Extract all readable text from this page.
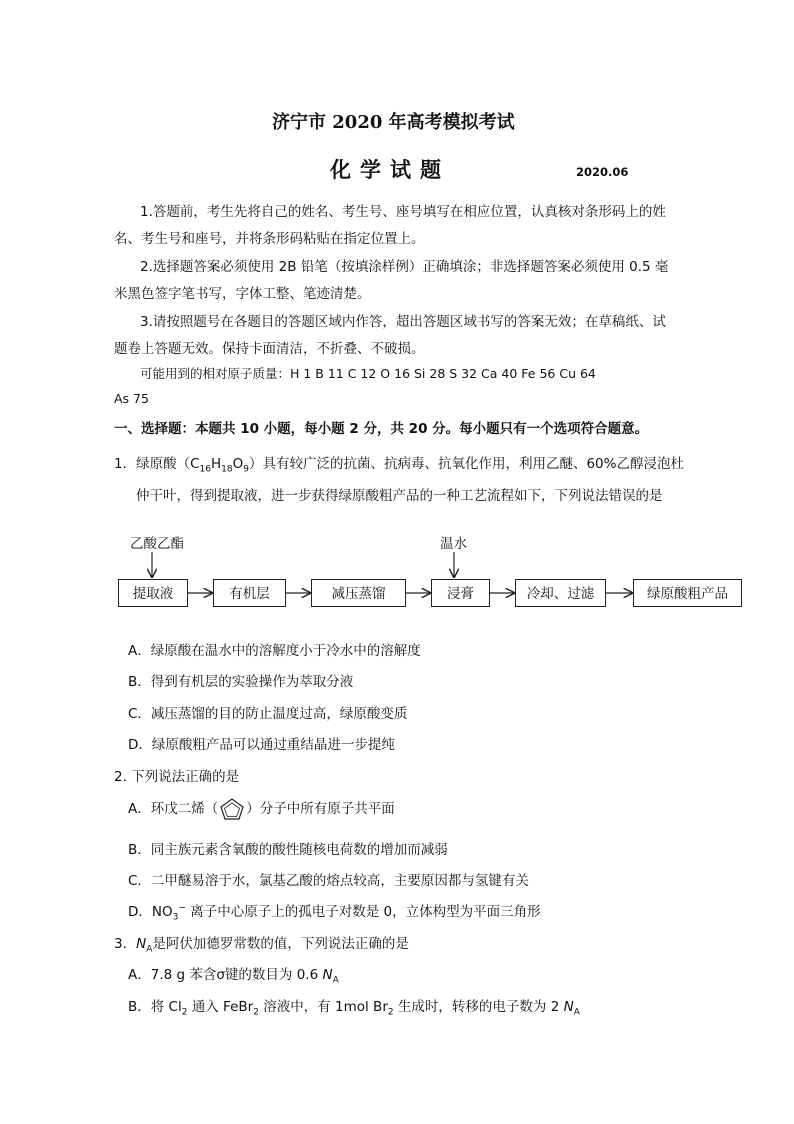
济宁市 2020 年高考模拟考试
化学试题	2020.06
1.答题前，考生先将自己的姓名、考生号、座号填写在相应位置，认真核对条形码上的姓
名、考生号和座号，并将条形码粘贴在指定位置上。
2.选择题答案必须使用 2B 铅笔（按填涂样例）正确填涂；非选择题答案必须使用 0.5 毫
米黑色签字笔书写，字体工整、笔迹清楚。
3.请按照题号在各题目的答题区域内作答，超出答题区域书写的答案无效；在草稿纸、试
题卷上答题无效。保持卡面清洁，不折叠、不破损。
可能用到的相对原子质量：H 1 B 11 C 12 O 16 Si 28 S 32 Ca 40 Fe 56 Cu 64
As 75
一、选择题：本题共 10 小题，每小题 2 分，共 20 分。每小题只有一个选项符合题意。
1．绿原酸$(C_{16}H_{18}O_9)$具有较广泛的抗菌、抗病毒、抗氧化作用，利用乙醚、60%乙醇浸泡杜
仲干叶，得到提取液，进一步获得绿原酸粗产品的一种工艺流程如下，下列说法错误的是
乙酸乙酯	温水
提取液	有机层	减压蒸馏	浸膏	冷却、过滤	绿原酸粗产品
A．绿原酸在温水中的溶解度小于冷水中的溶解度
B．得到有机层的实验操作为萃取分液
C．减压蒸馏的目的防止温度过高，绿原酸变质
D．绿原酸粗产品可以通过重结晶进一步提纯
2. 下列说法正确的是
A．环戊二烯（ ）分子中所有原子共平面
B．同主族元素含氧酸的酸性随核电荷数的增加而减弱
C．二甲醚易溶于水，氯基乙酸的熔点较高，主要原因都与氢键有关
D．$NO_3^-$ 离子中心原子上的孤电子对数是 0，立体构型为平面三角形
3．$N_A$是阿伏加德罗常数的值，下列说法正确的是
A．7.8 g 苯含σ键的数目为 0.6 $N_A$
B．将 $Cl_2$ 通入 FeBr$_2$ 溶液中，有 1mol $Br_2$ 生成时，转移的电子数为 2 $N_A$
